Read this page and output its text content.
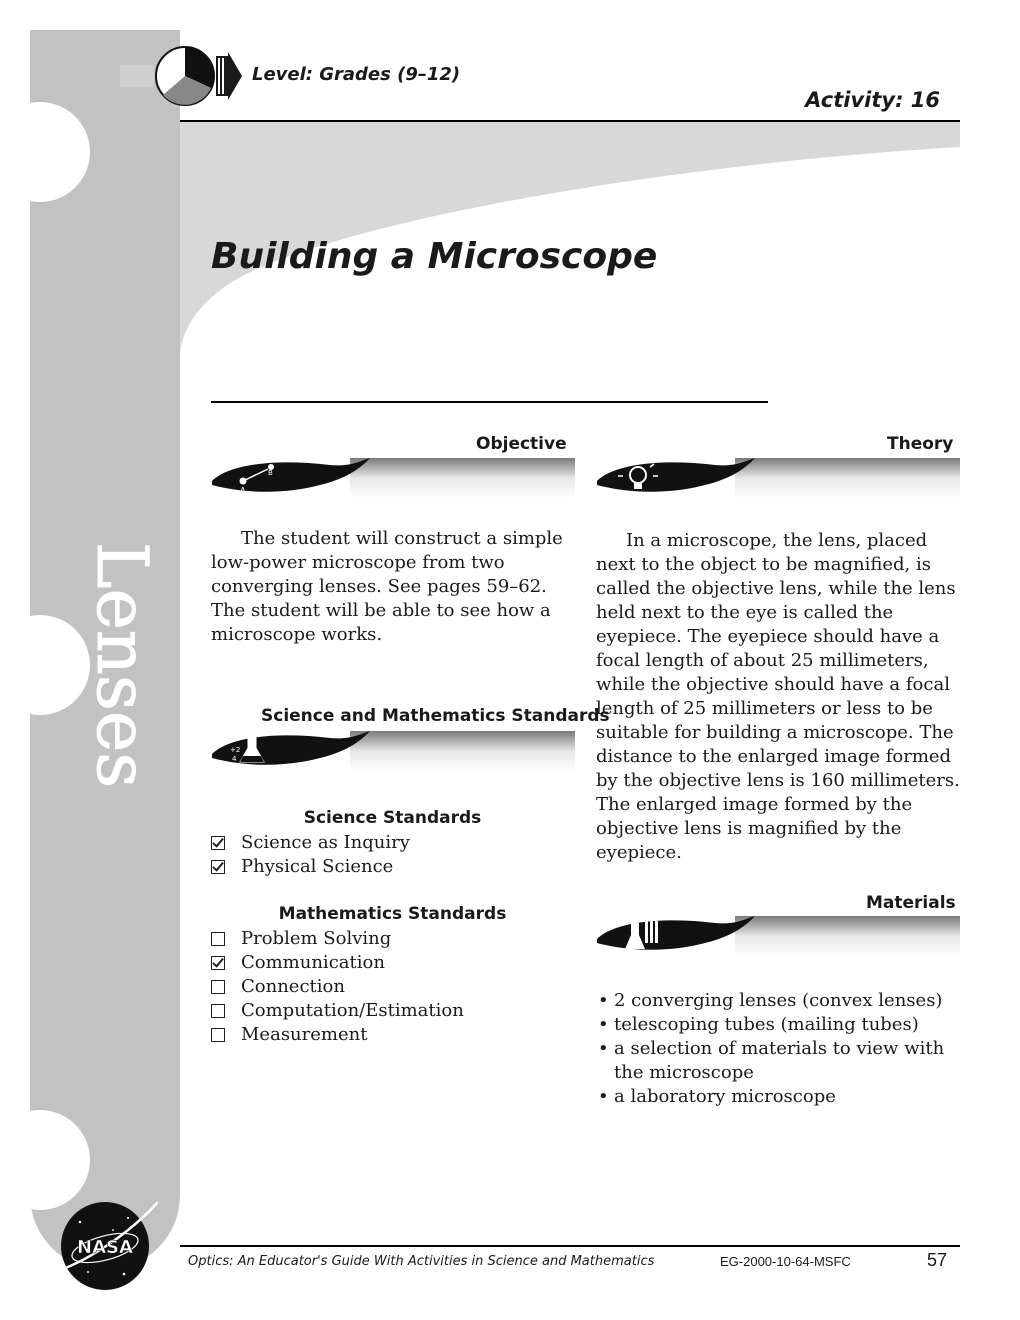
Level: Grades (9–12)
Activity: 16
Building a Microscope
Lenses
Objective
A
B

The student will construct a simple low-power microscope from two converging lenses. See pages 59–62. The student will be able to see how a microscope works.

Science and Mathematics Standards
3
+2
4
Science Standards
Science as Inquiry
Physical Science
Mathematics Standards
Problem Solving
Communication
Connection
Computation/Estimation
Measurement
Theory

In a microscope, the lens, placed next to the object to be magnified, is called the objective lens, while the lens held next to the eye is called the eyepiece. The eyepiece should have a focal length of about 25 millimeters, while the objective should have a focal length of 25 millimeters or less to be suitable for building a microscope. The distance to the enlarged image formed by the objective lens is 160 millimeters. The enlarged image formed by the objective lens is magnified by the eyepiece.

Materials
• 2 converging lenses (convex lenses)
• telescoping tubes (mailing tubes)
• a selection of materials to view with the microscope
• a laboratory microscope
NASA
Optics: An Educator's Guide With Activities in Science and Mathematics	EG-2000-10-64-MSFC	57
